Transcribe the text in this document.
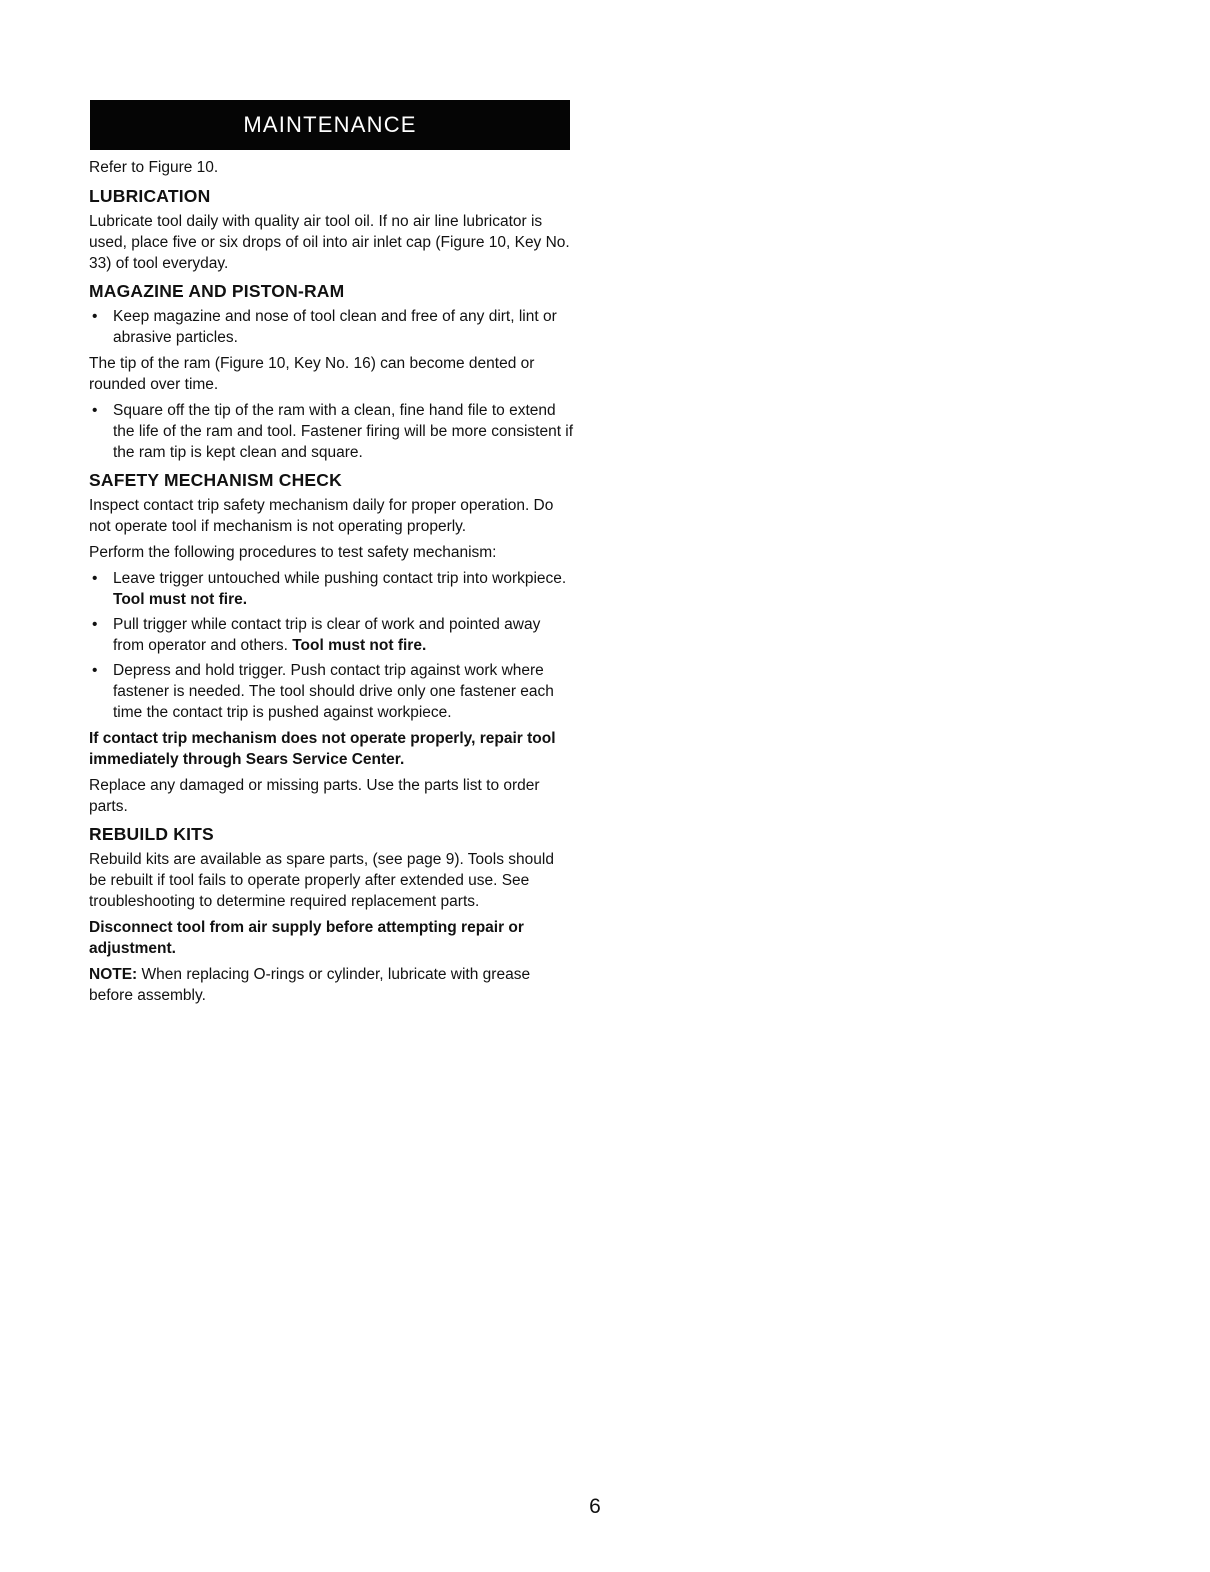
MAINTENANCE

Refer to Figure 10.

LUBRICATION

Lubricate tool daily with quality air tool oil. If no air line lubricator is used, place five or six drops of oil into air inlet cap (Figure 10, Key No. 33) of tool everyday.

MAGAZINE AND PISTON-RAM
• Keep magazine and nose of tool clean and free of any dirt, lint or abrasive particles.

The tip of the ram (Figure 10, Key No. 16) can become dented or rounded over time.

• Square off the tip of the ram with a clean, fine hand file to extend the life of the ram and tool. Fastener firing will be more consistent if the ram tip is kept clean and square.
SAFETY MECHANISM CHECK

Inspect contact trip safety mechanism daily for proper operation. Do not operate tool if mechanism is not operating properly.

Perform the following procedures to test safety mechanism:

• Leave trigger untouched while pushing contact trip into workpiece. Tool must not fire.
• Pull trigger while contact trip is clear of work and pointed away from operator and others. Tool must not fire.
• Depress and hold trigger. Push contact trip against work where fastener is needed. The tool should drive only one fastener each time the contact trip is pushed against workpiece.

If contact trip mechanism does not operate properly, repair tool immediately through Sears Service Center.

Replace any damaged or missing parts. Use the parts list to order parts.

REBUILD KITS

Rebuild kits are available as spare parts, (see page 9). Tools should be rebuilt if tool fails to operate properly after extended use. See troubleshooting to determine required replacement parts.

Disconnect tool from air supply before attempting repair or adjustment.

NOTE: When replacing O-rings or cylinder, lubricate with grease before assembly.

6
